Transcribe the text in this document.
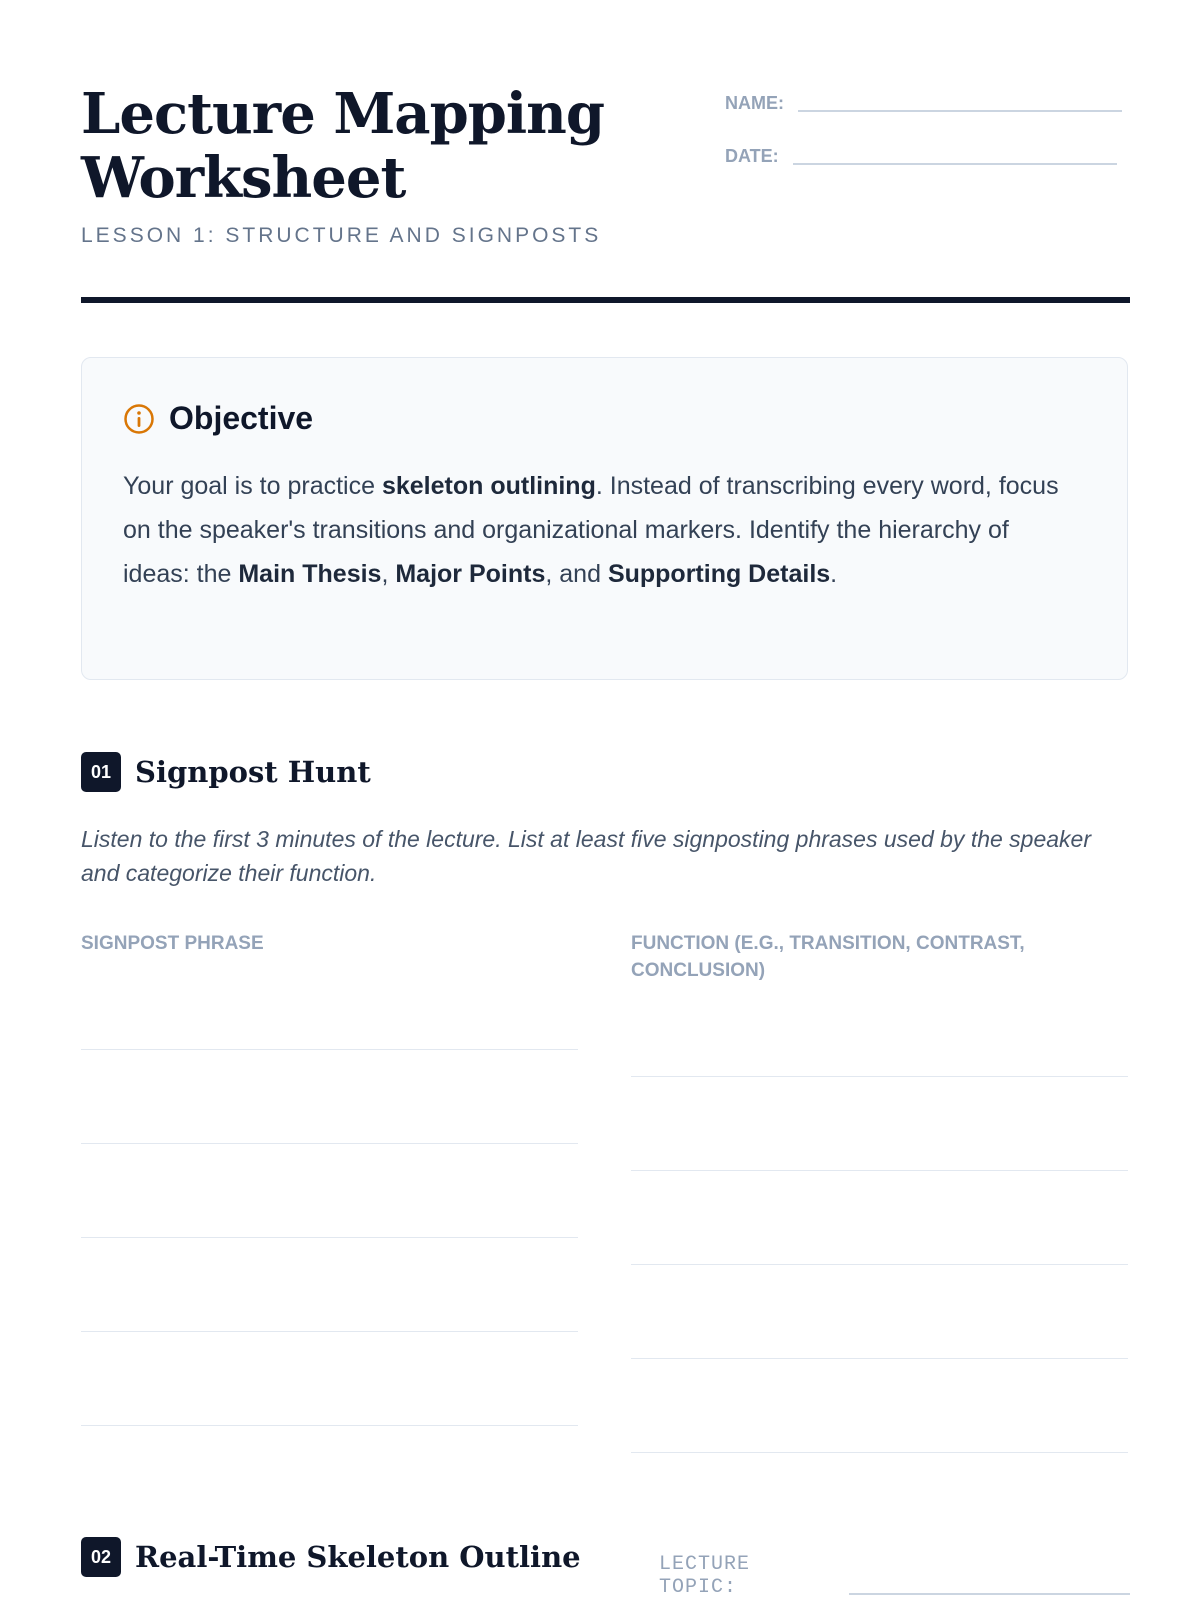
Lecture Mapping Worksheet
LESSON 1: STRUCTURE AND SIGNPOSTS
NAME:
DATE:
Objective
Your goal is to practice skeleton outlining. Instead of transcribing every word, focus on the speaker's transitions and organizational markers. Identify the hierarchy of ideas: the Main Thesis, Major Points, and Supporting Details.
01 Signpost Hunt
Listen to the first 3 minutes of the lecture. List at least five signposting phrases used by the speaker and categorize their function.
SIGNPOST PHRASE	FUNCTION (E.G., TRANSITION, CONTRAST, CONCLUSION)
02 Real-Time Skeleton Outline	LECTURE TOPIC:
